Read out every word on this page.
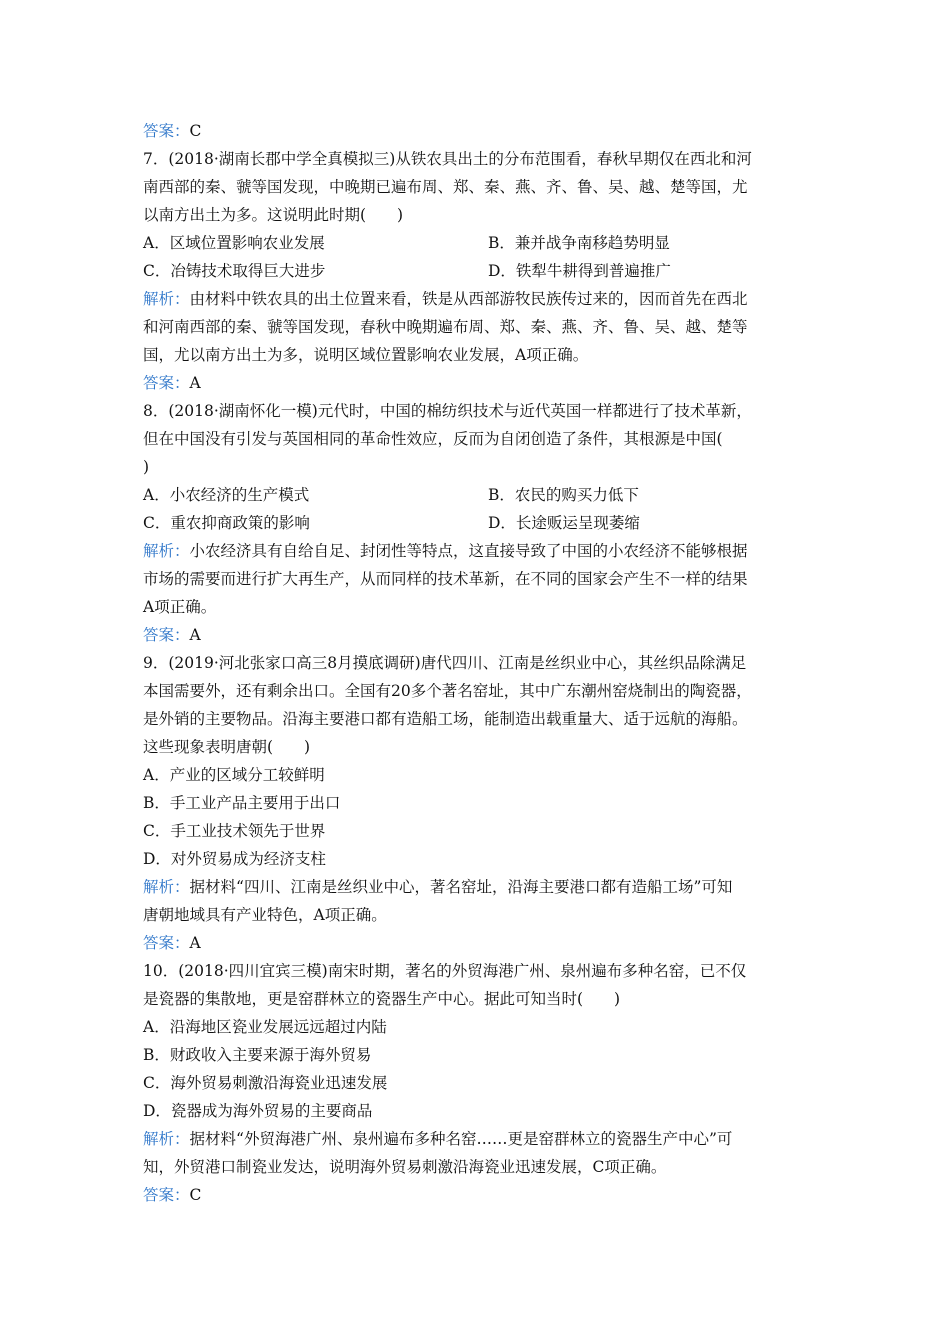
答案：C
7．(2018·湖南长郡中学全真模拟三)从铁农具出土的分布范围看，春秋早期仅在西北和河
南西部的秦、虢等国发现，中晚期已遍布周、郑、秦、燕、齐、鲁、吴、越、楚等国，尤
以南方出土为多。这说明此时期(　　)
A．区域位置影响农业发展	B．兼并战争南移趋势明显
C．冶铸技术取得巨大进步	D．铁犁牛耕得到普遍推广
解析：由材料中铁农具的出土位置来看，铁是从西部游牧民族传过来的，因而首先在西北
和河南西部的秦、虢等国发现，春秋中晚期遍布周、郑、秦、燕、齐、鲁、吴、越、楚等
国，尤以南方出土为多，说明区域位置影响农业发展，A项正确。
答案：A
8．(2018·湖南怀化一模)元代时，中国的棉纺织技术与近代英国一样都进行了技术革新，
但在中国没有引发与英国相同的革命性效应，反而为自闭创造了条件，其根源是中国(
)
A．小农经济的生产模式	B．农民的购买力低下
C．重农抑商政策的影响	D．长途贩运呈现萎缩
解析：小农经济具有自给自足、封闭性等特点，这直接导致了中国的小农经济不能够根据
市场的需要而进行扩大再生产，从而同样的技术革新，在不同的国家会产生不一样的结果
A项正确。
答案：A
9．(2019·河北张家口高三8月摸底调研)唐代四川、江南是丝织业中心，其丝织品除满足
本国需要外，还有剩余出口。全国有20多个著名窑址，其中广东潮州窑烧制出的陶瓷器，
是外销的主要物品。沿海主要港口都有造船工场，能制造出载重量大、适于远航的海船。
这些现象表明唐朝(　　)
A．产业的区域分工较鲜明
B．手工业产品主要用于出口
C．手工业技术领先于世界
D．对外贸易成为经济支柱
解析：据材料“四川、江南是丝织业中心，著名窑址，沿海主要港口都有造船工场”可知
唐朝地域具有产业特色，A项正确。
答案：A
10．(2018·四川宜宾三模)南宋时期，著名的外贸海港广州、泉州遍布多种名窑，已不仅
是瓷器的集散地，更是窑群林立的瓷器生产中心。据此可知当时(　　)
A．沿海地区瓷业发展远远超过内陆
B．财政收入主要来源于海外贸易
C．海外贸易刺激沿海瓷业迅速发展
D．瓷器成为海外贸易的主要商品
解析：据材料“外贸海港广州、泉州遍布多种名窑……更是窑群林立的瓷器生产中心”可
知，外贸港口制瓷业发达，说明海外贸易刺激沿海瓷业迅速发展，C项正确。
答案：C
